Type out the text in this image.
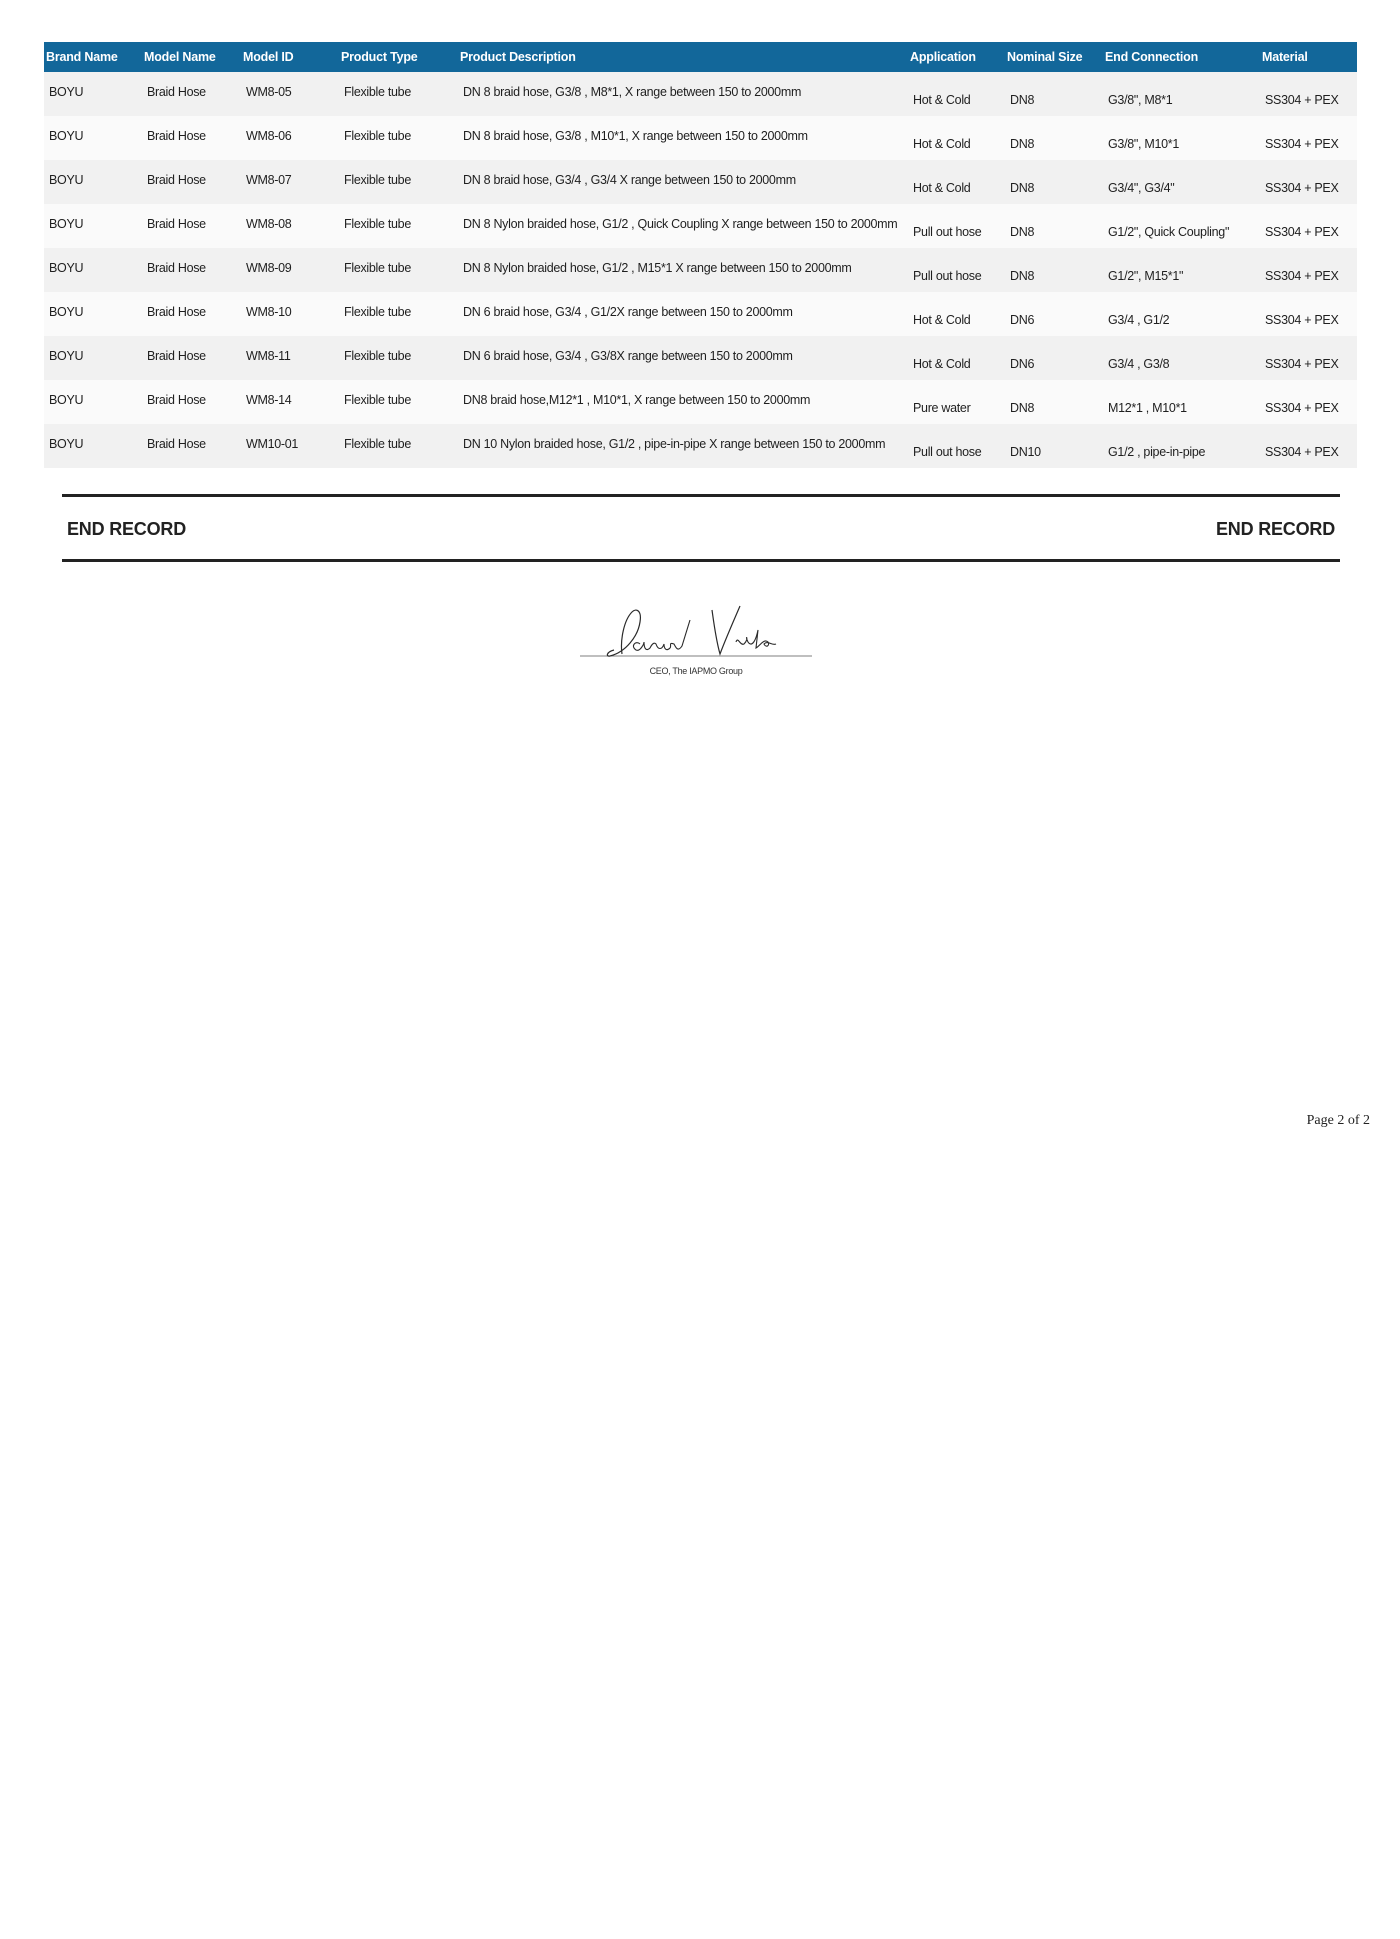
Brand Name	Model Name	Model ID	Product Type	Product Description	Application	Nominal Size	End Connection	Material
BOYU	Braid Hose	WM8-05	Flexible tube	DN 8 braid hose, G3/8 , M8*1, X range between 150 to 2000mm	Hot & Cold	DN8	G3/8", M8*1	SS304 + PEX
BOYU	Braid Hose	WM8-06	Flexible tube	DN 8 braid hose, G3/8 , M10*1, X range between 150 to 2000mm	Hot & Cold	DN8	G3/8", M10*1	SS304 + PEX
BOYU	Braid Hose	WM8-07	Flexible tube	DN 8 braid hose, G3/4 , G3/4 X range between 150 to 2000mm	Hot & Cold	DN8	G3/4", G3/4"	SS304 + PEX
BOYU	Braid Hose	WM8-08	Flexible tube	DN 8 Nylon braided hose, G1/2 , Quick Coupling X range between 150 to 2000mm	Pull out hose	DN8	G1/2", Quick Coupling"	SS304 + PEX
BOYU	Braid Hose	WM8-09	Flexible tube	DN 8 Nylon braided hose, G1/2 , M15*1 X range between 150 to 2000mm	Pull out hose	DN8	G1/2", M15*1"	SS304 + PEX
BOYU	Braid Hose	WM8-10	Flexible tube	DN 6 braid hose, G3/4 , G1/2X range between 150 to 2000mm	Hot & Cold	DN6	G3/4 , G1/2	SS304 + PEX
BOYU	Braid Hose	WM8-11	Flexible tube	DN 6 braid hose, G3/4 , G3/8X range between 150 to 2000mm	Hot & Cold	DN6	G3/4 , G3/8	SS304 + PEX
BOYU	Braid Hose	WM8-14	Flexible tube	DN8 braid hose,M12*1 , M10*1, X range between 150 to 2000mm	Pure water	DN8	M12*1 , M10*1	SS304 + PEX
BOYU	Braid Hose	WM10-01	Flexible tube	DN 10 Nylon braided hose, G1/2 , pipe-in-pipe X range between 150 to 2000mm	Pull out hose	DN10	G1/2 , pipe-in-pipe	SS304 + PEX
END RECORD	END RECORD
CEO, The IAPMO Group
Page 2 of 2
